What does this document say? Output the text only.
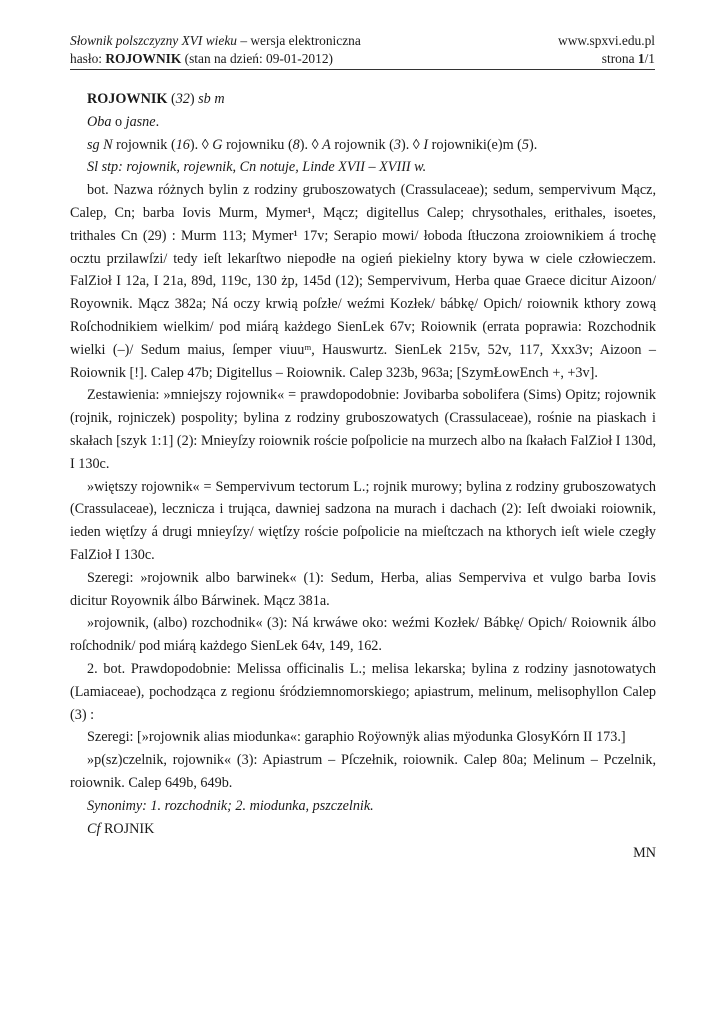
Słownik polszczyzny XVI wieku – wersja elektroniczna	www.spxvi.edu.pl
hasło: ROJOWNIK (stan na dzień: 09-01-2012)	strona 1/1

ROJOWNIK (32) sb m

Oba o jasne.

sg N rojownik (16). ◊ G rojowniku (8). ◊ A rojownik (3). ◊ I rojowniki(e)m (5).

Sl stp: rojownik, rojewnik, Cn notuje, Linde XVII – XVIII w.

bot. Nazwa różnych bylin z rodziny gruboszowatych (Crassulaceae); sedum, sempervivum Mącz, Calep, Cn; barba Iovis Murm, Mymer¹, Mącz; digitellus Calep; chrysothales, erithales, isoetes, trithales Cn (29) : Murm 113; Mymer¹ 17v; Serapio mowi/ łoboda ſtłuczona zroiownikiem á trochę ocztu przilawſzi/ tedy ieſt lekarſtwo niepodłe na ogień piekielny ktory bywa w ciele człowieczem. FalZioł I 12a, I 21a, 89d, 119c, 130 żp, 145d (12); Sempervivum, Herba quae Graece dicitur Aizoon/ Royownik. Mącz 382a; Ná oczy krwią poſzłe/ weźmi Kozłek/ bábkę/ Opich/ roiownik kthory zową Roſchodnikiem wielkim/ pod miárą każdego SienLek 67v; Roiownik (errata poprawia: Rozchodnik wielki (–)/ Sedum maius, ſemper viuuᵐ, Hauswurtz. SienLek 215v, 52v, 117, Xxx3v; Aizoon – Roiownik [!]. Calep 47b; Digitellus – Roiownik. Calep 323b, 963a; [SzymŁowEnch +, +3v].

Zestawienia: »mniejszy rojownik« = prawdopodobnie: Jovibarba sobolifera (Sims) Opitz; rojownik (rojnik, rojniczek) pospolity; bylina z rodziny gruboszowatych (Crassulaceae), rośnie na piaskach i skałach [szyk 1:1] (2): Mnieyſzy roiownik roście poſpolicie na murzech albo na ſkałach FalZioł I 130d, I 130c.

»więtszy rojownik« = Sempervivum tectorum L.; rojnik murowy; bylina z rodziny gruboszowatych (Crassulaceae), lecznicza i trująca, dawniej sadzona na murach i dachach (2): Ieſt dwoiaki roiownik, ieden więtſzy á drugi mnieyſzy/ więtſzy roście poſpolicie na mieſtczach na kthorych ieſt wiele czegły FalZioł I 130c.

Szeregi: »rojownik albo barwinek« (1): Sedum, Herba, alias Semperviva et vulgo barba Iovis dicitur Royownik álbo Bárwinek. Mącz 381a.

»rojownik, (albo) rozchodnik« (3): Ná krwáwe oko: weźmi Kozłek/ Bábkę/ Opich/ Roiownik álbo roſchodnik/ pod miárą każdego SienLek 64v, 149, 162.

2. bot. Prawdopodobnie: Melissa officinalis L.; melisa lekarska; bylina z rodziny jasnotowatych (Lamiaceae), pochodząca z regionu śródziemnomorskiego; apiastrum, melinum, melisophyllon Calep (3) :

Szeregi: [»rojownik alias miodunka«: garaphio Roÿownÿk alias mÿodunka GlosyKórn II 173.]

»p(sz)czelnik, rojownik« (3): Apiastrum – Pſczełnik, roiownik. Calep 80a; Melinum – Pczelnik, roiownik. Calep 649b, 649b.

Synonimy: 1. rozchodnik; 2. miodunka, pszczelnik.

Cf ROJNIK

MN
